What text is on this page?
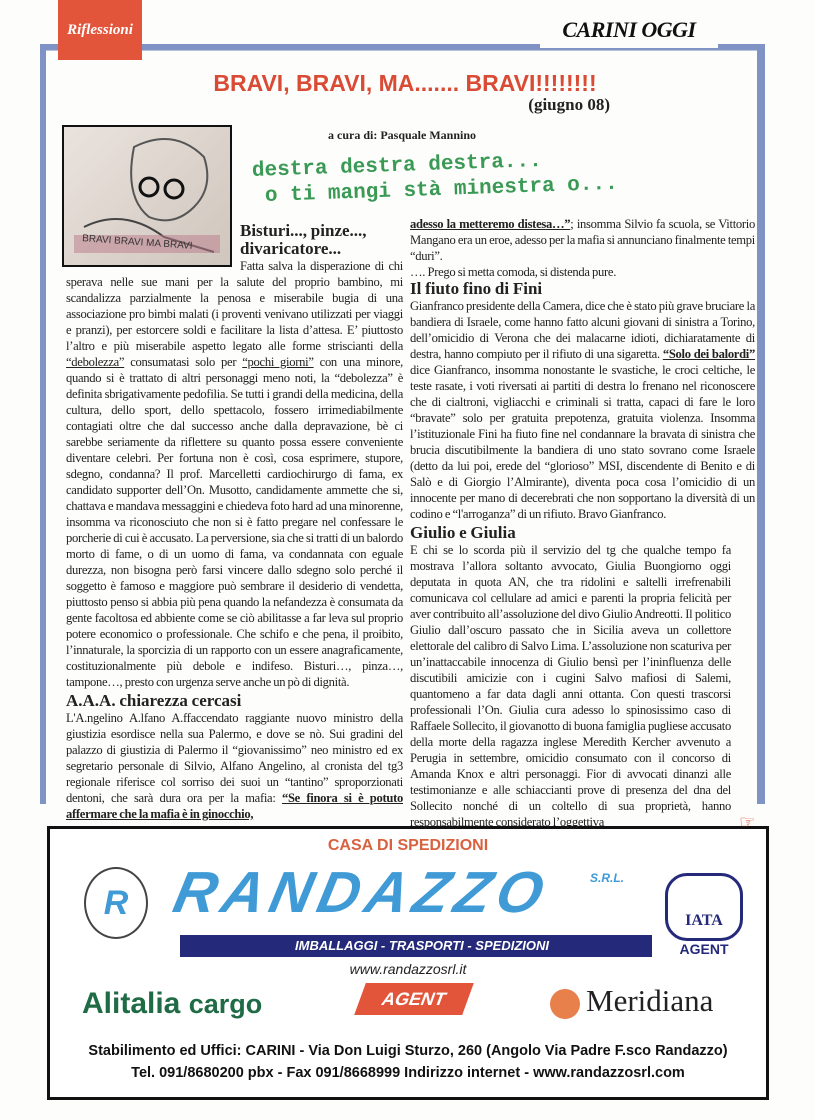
Riflessioni	CARINI OGGI
BRAVI, BRAVI, MA....... BRAVI!!!!!!!!
(giugno 08)
BRAVI BRAVI MA BRAVI
a cura di: Pasquale Mannino
destra destra destra...
o ti mangi stà minestra o...
Bisturi..., pinze..., divaricatore...

Fatta salva la disperazione di chi sperava nelle sue mani per la salute del proprio bambino, mi scandalizza parzialmente la penosa e miserabile bugia di una associazione pro bimbi malati (i proventi venivano utilizzati per viaggi e pranzi), per estorcere soldi e facilitare la lista d’attesa. E’ piuttosto l’altro e più miserabile aspetto legato alle forme striscianti della “debolezza” consumatasi solo per “pochi giorni” con una minore, quando si è trattato di altri personaggi meno noti, la “debolezza” è definita sbrigativamente pedofilia. Se tutti i grandi della medicina, della cultura, dello sport, dello spettacolo, fossero irrimediabilmente contagiati oltre che dal successo anche dalla depravazione, bè ci sarebbe seriamente da riflettere su quanto possa essere conveniente diventare celebri. Per fortuna non è così, cosa esprimere, stupore, sdegno, condanna? Il prof. Marcelletti cardiochirurgo di fama, ex candidato supporter dell’On. Musotto, candidamente ammette che si, chattava e mandava messaggini e chiedeva foto hard ad una minorenne, insomma va riconosciuto che non si è fatto pregare nel confessare le porcherie di cui è accusato. La perversione, sia che si tratti di un balordo morto di fame, o di un uomo di fama, va condannata con eguale durezza, non bisogna però farsi vincere dallo sdegno solo perché il soggetto è famoso e maggiore può sembrare il desiderio di vendetta, piuttosto penso si abbia più pena quando la nefandezza è consumata da gente facoltosa ed abbiente come se ciò abilitasse a far leva sul proprio potere economico o professionale. Che schifo e che pena, il proibito, l’innaturale, la sporcizia di un rapporto con un essere anagraficamente, costituzionalmente più debole e indifeso. Bisturi…, pinza…, tampone…, presto con urgenza serve anche un pò di dignità.

A.A.A. chiarezza cercasi

L'A.ngelino A.lfano A.ffaccendato raggiante nuovo ministro della giustizia esordisce nella sua Palermo, e dove se nò. Sui gradini del palazzo di giustizia di Palermo il “giovanissimo” neo ministro ed ex segretario personale di Silvio, Alfano Angelino, al cronista del tg3 regionale riferisce col sorriso dei suoi un “tantino” sproporzionati dentoni, che sarà dura ora per la mafia: “Se finora si è potuto affermare che la mafia è in ginocchio,

adesso la metteremo distesa…”; insomma Silvio fa scuola, se Vittorio Mangano era un eroe, adesso per la mafia si annunciano finalmente tempi “duri”.

…. Prego si metta comoda, si distenda pure.

Il fiuto fino di Fini

Gianfranco presidente della Camera, dice che è stato più grave bruciare la bandiera di Israele, come hanno fatto alcuni giovani di sinistra a Torino, dell’omicidio di Verona che dei malacarne idioti, dichiaratamente di destra, hanno compiuto per il rifiuto di una sigaretta. “Solo dei balordi” dice Gianfranco, insomma nonostante le svastiche, le croci celtiche, le teste rasate, i voti riversati ai partiti di destra lo frenano nel riconoscere che di cialtroni, vigliacchi e criminali si tratta, capaci di fare le loro “bravate” solo per gratuita prepotenza, gratuita violenza. Insomma l’istituzionale Fini ha fiuto fine nel condannare la bravata di sinistra che brucia discutibilmente la bandiera di uno stato sovrano come Israele (detto da lui poi, erede del “glorioso” MSI, discendente di Benito e di Salò e di Giorgio l’Almirante), diventa poca cosa l’omicidio di un innocente per mano di decerebrati che non sopportano la diversità di un codino e “l'arroganza” di un rifiuto. Bravo Gianfranco.

Giulio e Giulia

E chi se lo scorda più il servizio del tg che qualche tempo fa mostrava l’allora soltanto avvocato, Giulia Buongiorno oggi deputata in quota AN, che tra ridolini e saltelli irrefrenabili comunicava col cellulare ad amici e parenti la propria felicità per aver contribuito all’assoluzione del divo Giulio Andreotti. Il politico Giulio dall’oscuro passato che in Sicilia aveva un collettore elettorale del calibro di Salvo Lima. L’assoluzione non scaturiva per un’inattaccabile innocenza di Giulio bensì per l’ininfluenza delle discutibili amicizie con i cugini Salvo mafiosi di Salemi, quantomeno a far data dagli anni ottanta. Con questi trascorsi professionali l’On. Giulia cura adesso lo spinosissimo caso di Raffaele Sollecito, il giovanotto di buona famiglia pugliese accusato della morte della ragazza inglese Meredith Kercher avvenuto a Perugia in settembre, omicidio consumato con il concorso di Amanda Knox e altri personaggi. Fior di avvocati dinanzi alle testimonianze e alle schiaccianti prove di presenza del dna del Sollecito nonché di un coltello di sua proprietà, hanno responsabilmente considerato l’oggettiva	☞
CASA DI SPEDIZIONI
R RANDAZZO	S.R.L.
IMBALLAGGI - TRASPORTI - SPEDIZIONI
www.randazzosrl.it
IATA
AGENT
Alitalia cargo	AGENT	Meridiana
Stabilimento ed Uffici: CARINI - Via Don Luigi Sturzo, 260 (Angolo Via Padre F.sco Randazzo)
Tel. 091/8680200 pbx - Fax 091/8668999 Indirizzo internet - www.randazzosrl.com
